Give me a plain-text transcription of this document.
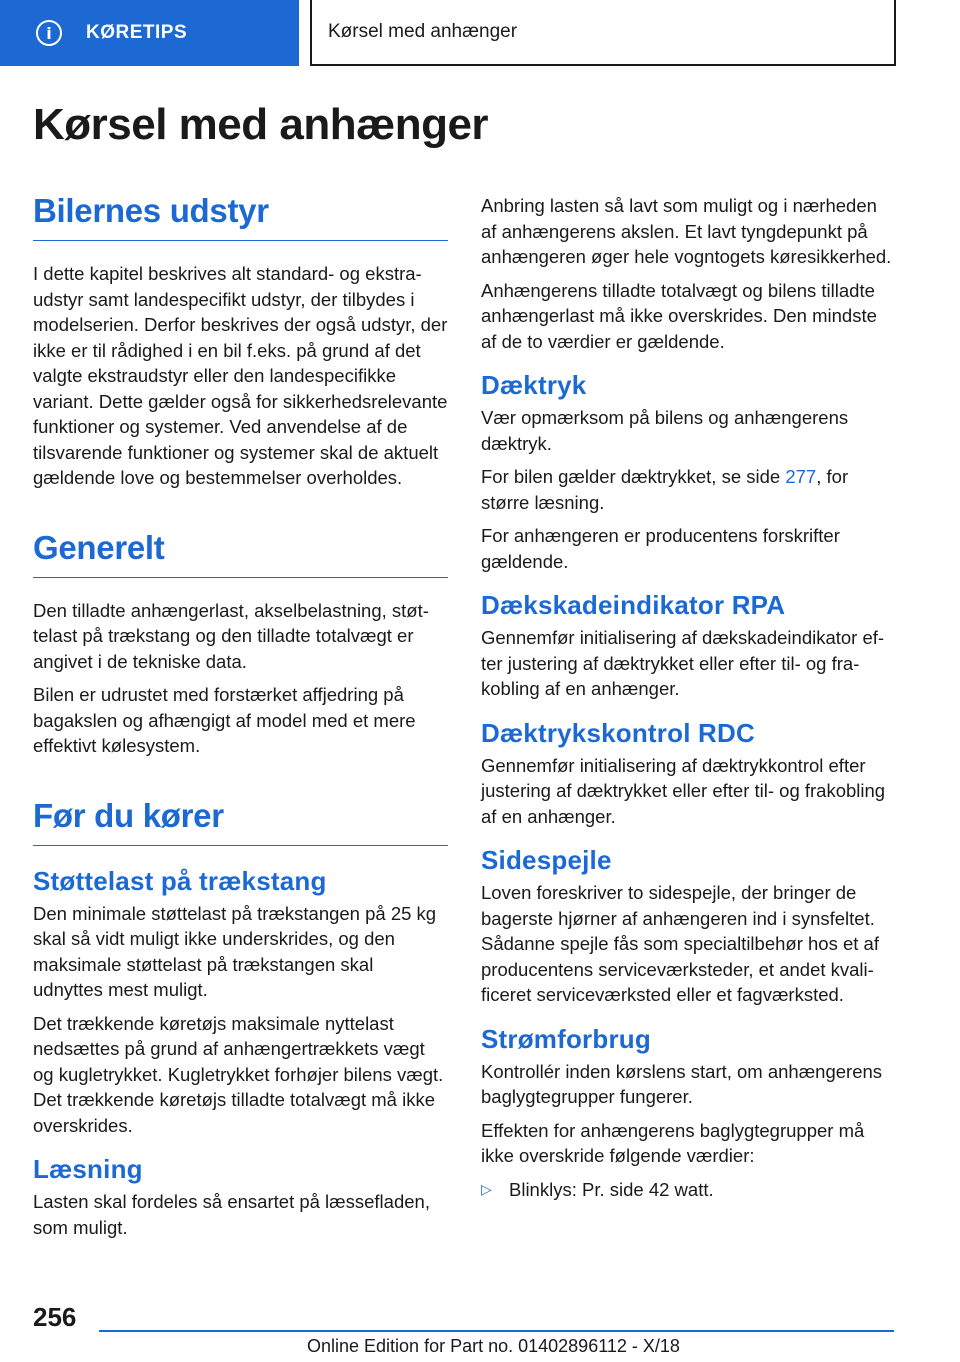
i	KØRETIPS	Kørsel med anhænger
Kørsel med anhænger
Bilernes udstyr

I dette kapitel beskrives alt standard- og ekstraudstyr samt landespecifikt udstyr, der tilbydes i modelserien. Derfor beskrives der også udstyr, der ikke er til rådighed i en bil f.eks. på grund af det valgte ekstraudstyr eller den landespecifikke variant. Dette gælder også for sikkerhedsrelevante funktioner og systemer. Ved anvendelse af de tilsvarende funktioner og systemer skal de aktuelt gældende love og bestemmelser overholdes.

Generelt

Den tilladte anhængerlast, akselbelastning, støttelast på trækstang og den tilladte totalvægt er angivet i de tekniske data.

Bilen er udrustet med forstærket affjedring på bagakslen og afhængigt af model med et mere effektivt kølesystem.

Før du kører
Støttelast på trækstang

Den minimale støttelast på trækstangen på 25 kg skal så vidt muligt ikke underskrides, og den maksimale støttelast på trækstangen skal udnyttes mest muligt.

Det trækkende køretøjs maksimale nyttelast nedsættes på grund af anhængertrækkets vægt og kugletrykket. Kugletrykket forhøjer bilens vægt. Det trækkende køretøjs tilladte totalvægt må ikke overskrides.

Læsning

Lasten skal fordeles så ensartet på læssefladen, som muligt.

Anbring lasten så lavt som muligt og i nærheden af anhængerens akslen. Et lavt tyngdepunkt på anhængeren øger hele vogntogets køresikkerhed.

Anhængerens tilladte totalvægt og bilens tilladte anhængerlast må ikke overskrides. Den mindste af de to værdier er gældende.

Dæktryk

Vær opmærksom på bilens og anhængerens dæktryk.

For bilen gælder dæktrykket, se side 277, for større læsning.

For anhængeren er producentens forskrifter gældende.

Dækskadeindikator RPA

Gennemfør initialisering af dækskadeindikator efter justering af dæktrykket eller efter til- og frakobling af en anhænger.

Dæktrykskontrol RDC

Gennemfør initialisering af dæktrykkontrol efter justering af dæktrykket eller efter til- og frakobling af en anhænger.

Sidespejle

Loven foreskriver to sidespejle, der bringer de bagerste hjørner af anhængeren ind i synsfeltet. Sådanne spejle fås som specialtilbehør hos et af producentens serviceværksteder, et andet kvalificeret serviceværksted eller et fagværksted.

Strømforbrug

Kontrollér inden kørslens start, om anhængerens baglygtegrupper fungerer.

Effekten for anhængerens baglygtegrupper må ikke overskride følgende værdier:

▷ Blinklys: Pr. side 42 watt.
256
Online Edition for Part no. 01402896112 - X/18
